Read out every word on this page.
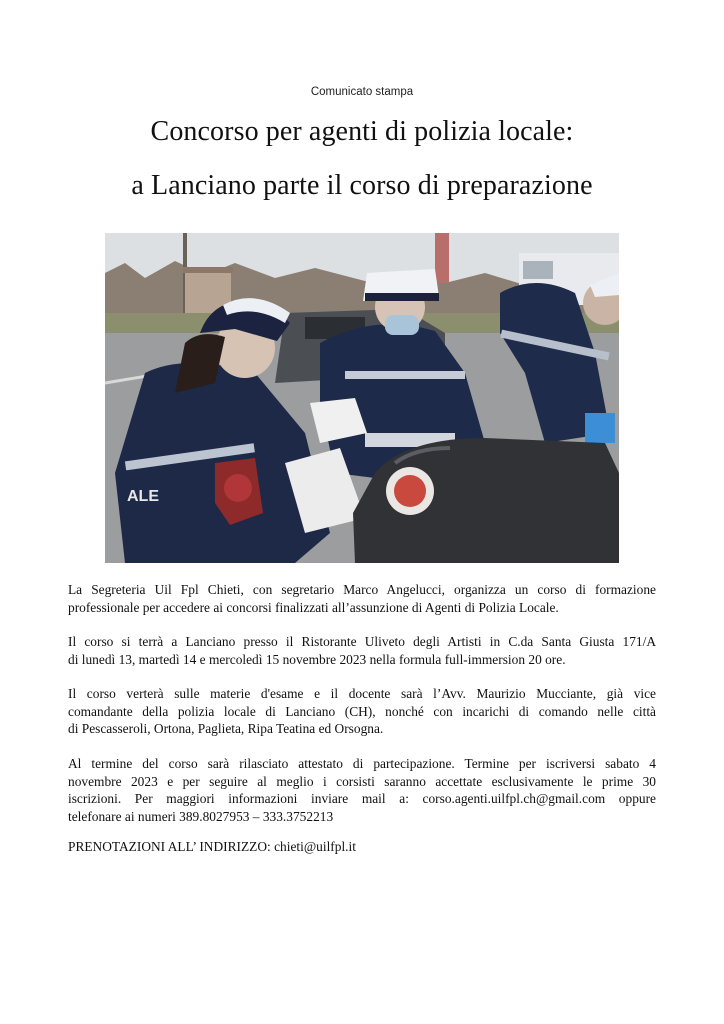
Comunicato stampa
Concorso per agenti di polizia locale:
a Lanciano parte il corso di preparazione
ALE
La Segreteria Uil Fpl Chieti, con segretario Marco Angelucci, organizza un corso di formazione
professionale per accedere ai concorsi finalizzati all’assunzione di Agenti di Polizia Locale.
Il corso si terrà a Lanciano presso il Ristorante Uliveto degli Artisti in C.da Santa Giusta 171/A
di lunedì 13, martedì 14 e mercoledì 15 novembre 2023 nella formula full-immersion 20 ore.
Il corso verterà sulle materie d'esame e il docente sarà l’Avv. Maurizio Mucciante, già vice
comandante della polizia locale di Lanciano (CH), nonché con incarichi di comando nelle città
di Pescasseroli, Ortona, Paglieta, Ripa Teatina ed Orsogna.
Al termine del corso sarà rilasciato attestato di partecipazione. Termine per iscriversi sabato 4
novembre 2023 e per seguire al meglio i corsisti saranno accettate esclusivamente le prime 30
iscrizioni. Per maggiori informazioni inviare mail a: corso.agenti.uilfpl.ch@gmail.com oppure
telefonare ai numeri 389.8027953 – 333.3752213
PRENOTAZIONI ALL’ INDIRIZZO: chieti@uilfpl.it
